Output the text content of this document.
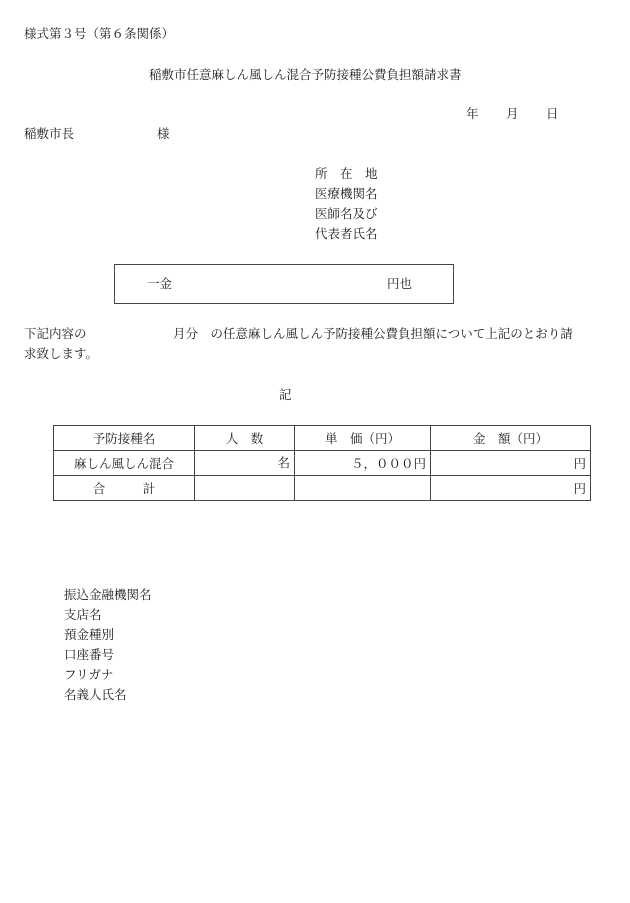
様式第３号（第６条関係）
稲敷市任意麻しん風しん混合予防接種公費負担額請求書
年 月 日
稲敷市長	様
所　在　地
医療機関名
医師名及び
代表者氏名
一金	円也
下記内容の	月分　の任意麻しん風しん予防接種公費負担額について上記のとおり請
求致します。
記
予防接種名	人　数	単　価（円）	金　額（円）
麻しん風しん混合	名	５，０００円	円
合　　　計			円
振込金融機関名
支店名
預金種別
口座番号
フリガナ
名義人氏名
